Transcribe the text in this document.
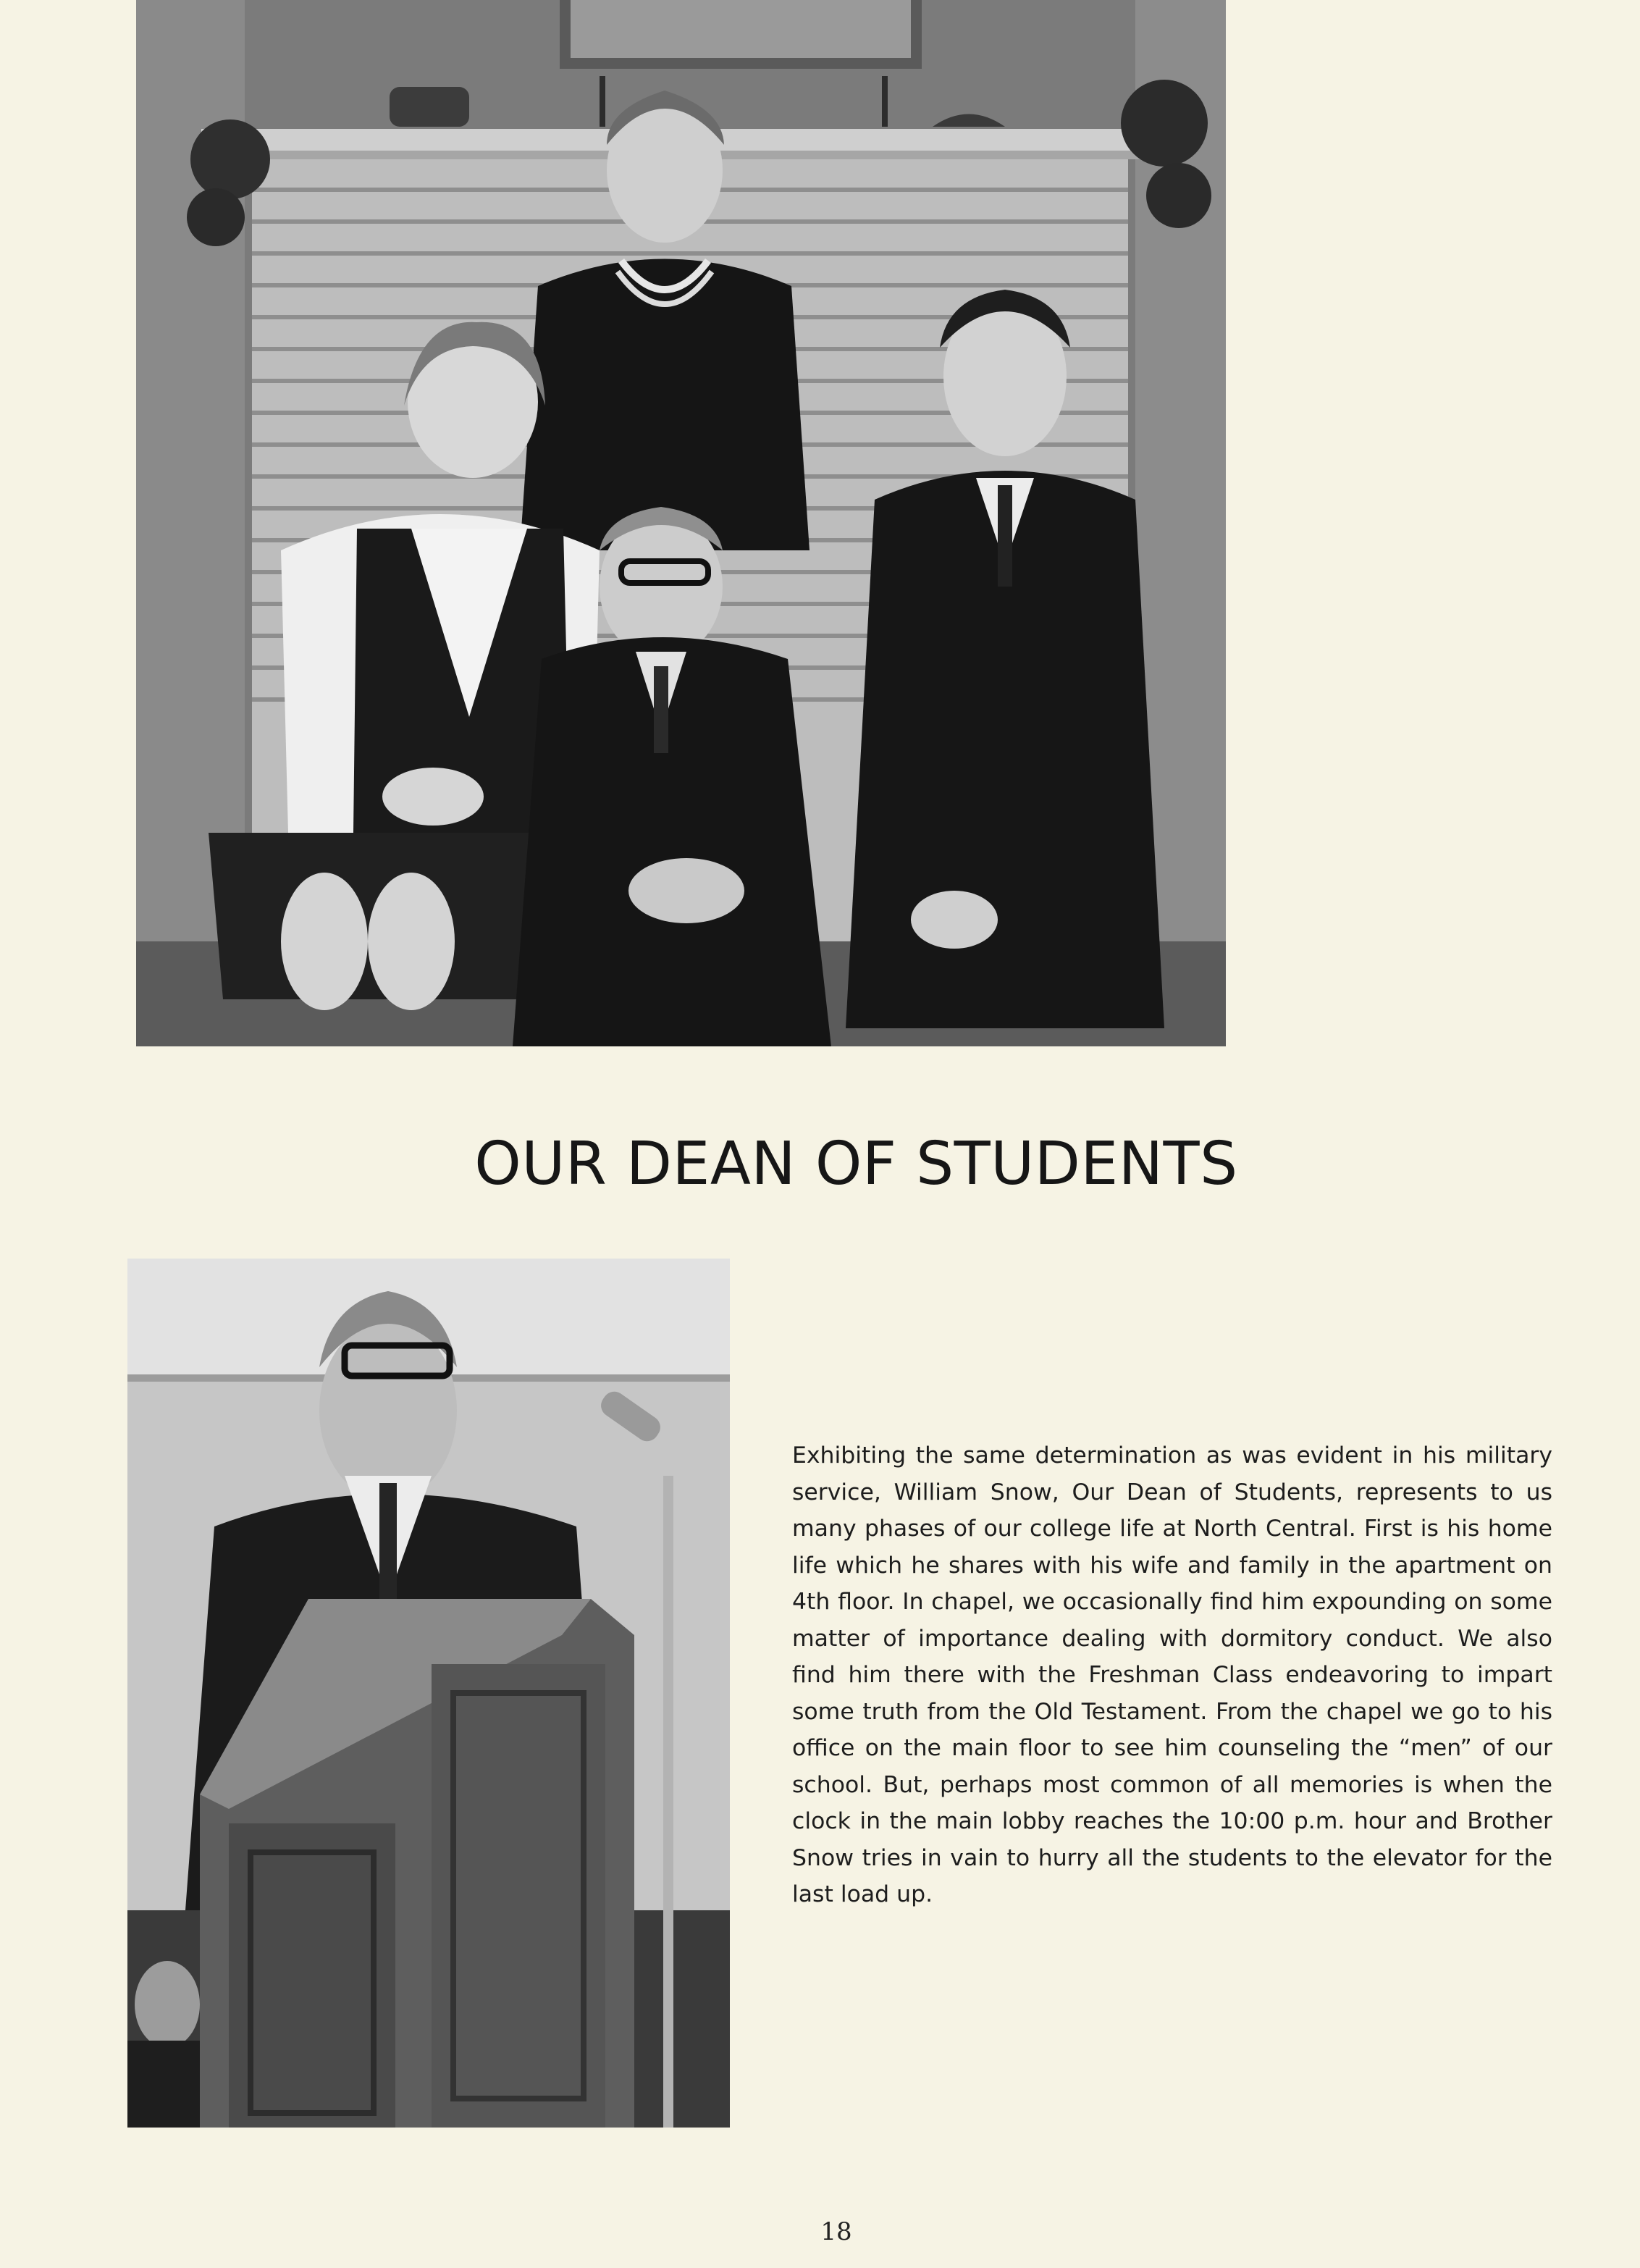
OUR DEAN OF STUDENTS

Exhibiting the same determination as was evident in his military service, William Snow, Our Dean of Students, represents to us many phases of our college life at North Central. First is his home life which he shares with his wife and family in the apartment on 4th floor. In chapel, we occasionally find him expounding on some matter of importance dealing with dormitory conduct. We also find him there with the Freshman Class endeavoring to impart some truth from the Old Testament. From the chapel we go to his office on the main floor to see him counseling the “men” of our school. But, perhaps most common of all memories is when the clock in the main lobby reaches the 10:00 p.m. hour and Brother Snow tries in vain to hurry all the students to the elevator for the last load up.

18
